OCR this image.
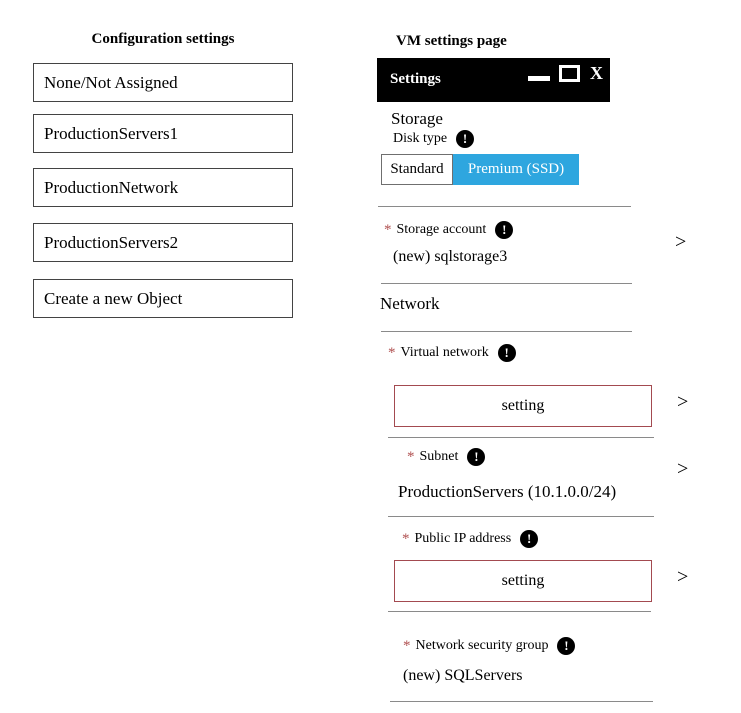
Configuration settings
None/Not Assigned
ProductionServers1
ProductionNetwork
ProductionServers2
Create a new Object
VM settings page
Settings	X
Storage
Disk type	!
Standard	Premium (SSD)
* Storage account	!
>
(new) sqlstorage3
Network
* Virtual network	!
setting	>
* Subnet	!
>
ProductionServers (10.1.0.0/24)
* Public IP address	!
setting	>
* Network security group	!
(new) SQLServers
